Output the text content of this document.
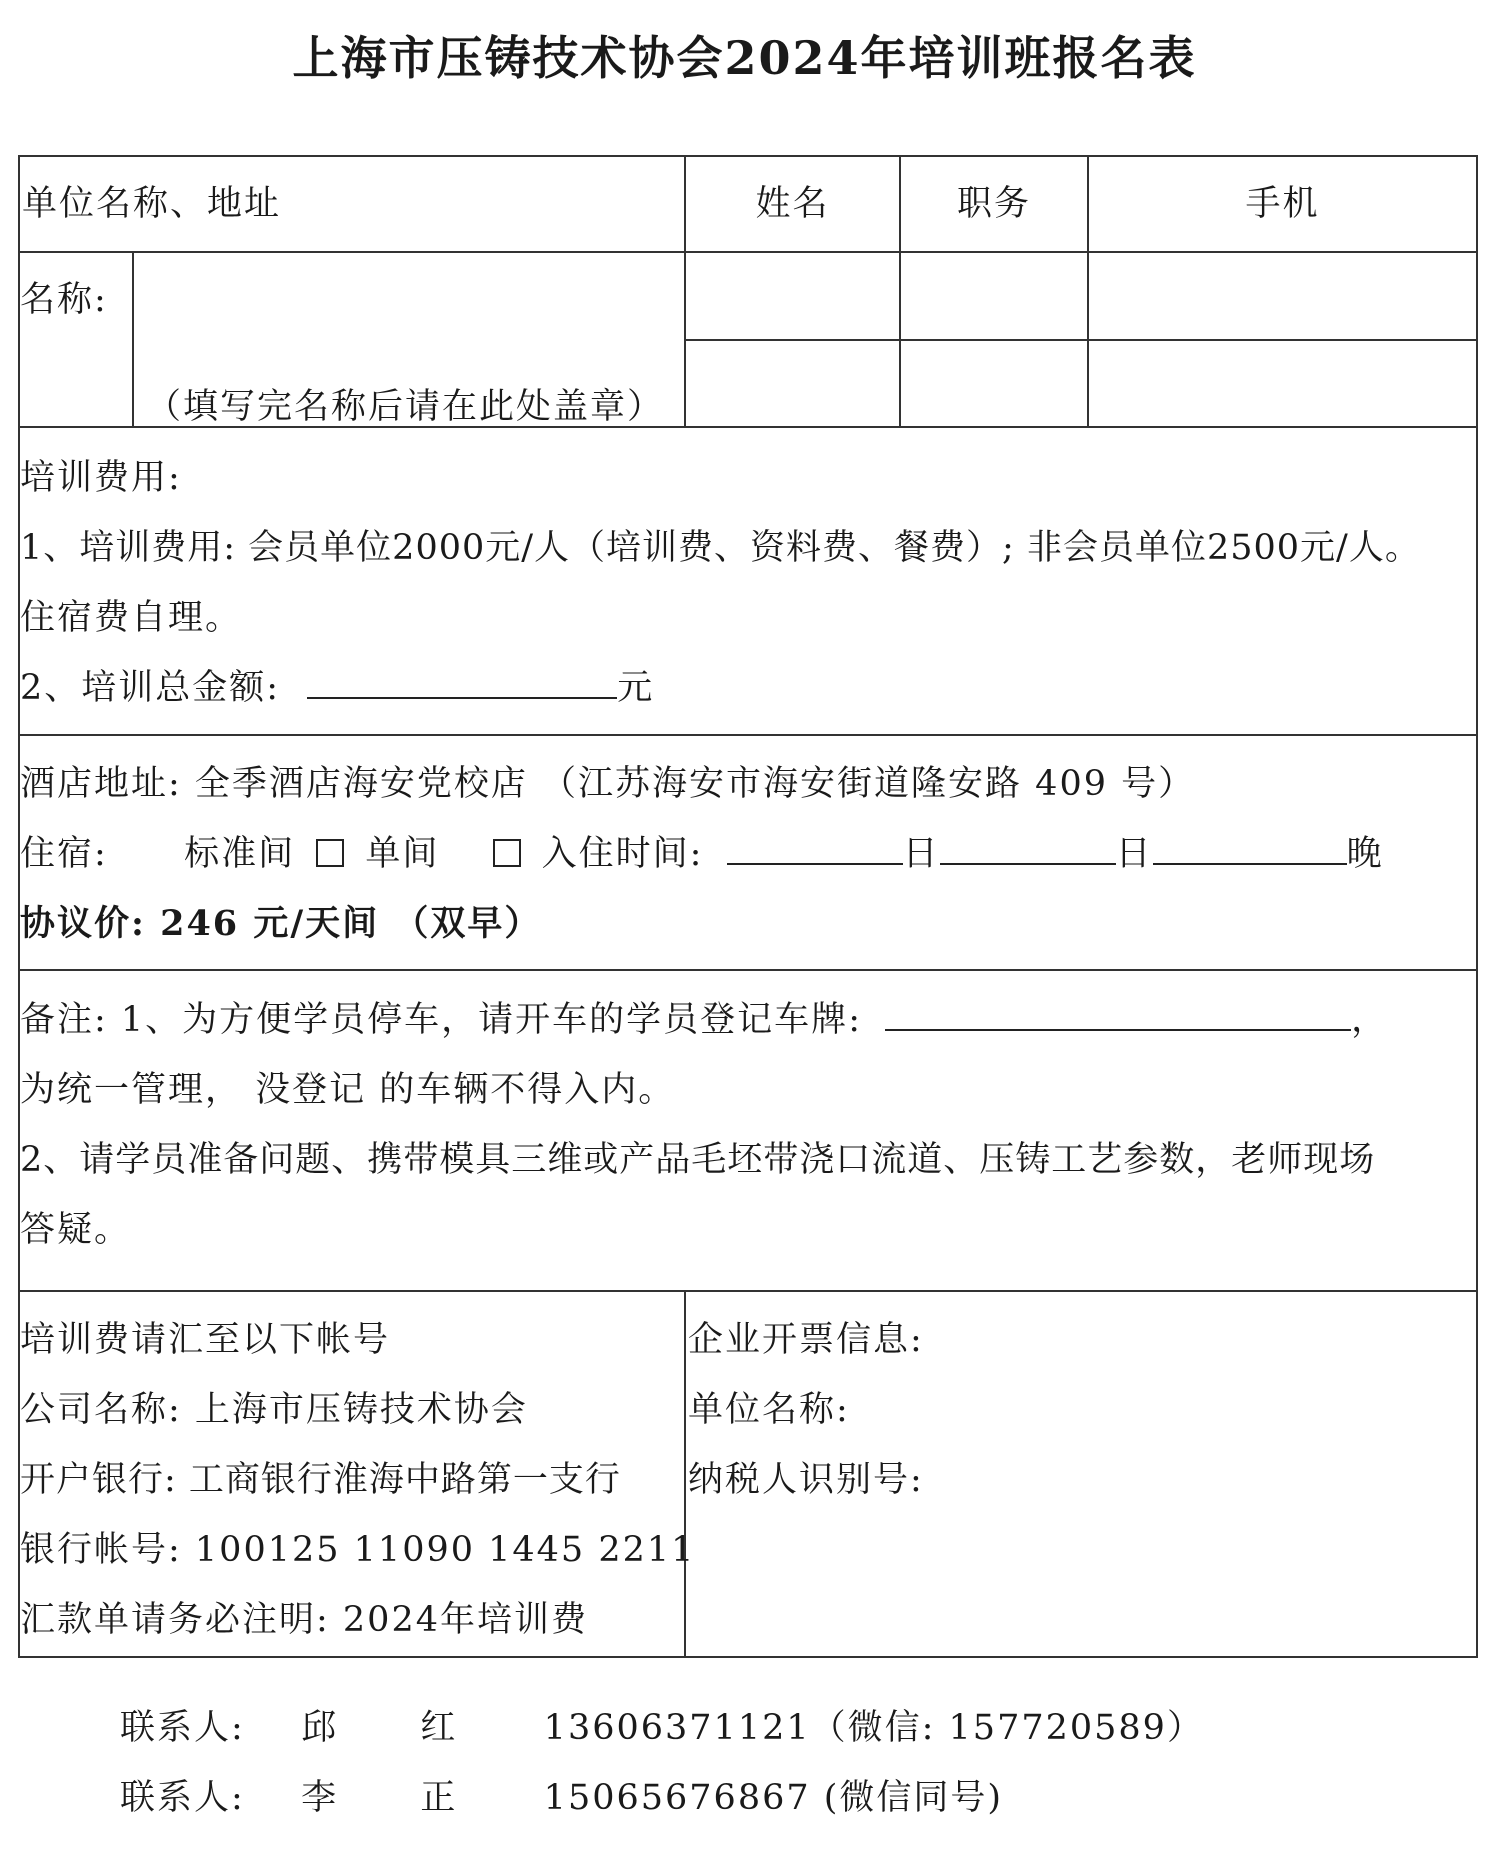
上海市压铸技术协会2024年培训班报名表
单位名称、地址	姓名	职务	手机
名称:
（填写完名称后请在此处盖章）
培训费用:
1、培训费用: 会员单位2000元/人（培训费、资料费、餐费）; 非会员单位2500元/人。
住宿费自理。
2、培训总金额:	元
酒店地址: 全季酒店海安党校店 （江苏海安市海安街道隆安路 409 号）
住宿: 标准间 单间	入住时间:	日	日	晚
协议价: 246 元/天间 （双早）
备注: 1、为方便学员停车，请开车的学员登记车牌:	，
为统一管理， 没登记 的车辆不得入内。
2、请学员准备问题、携带模具三维或产品毛坯带浇口流道、压铸工艺参数，老师现场
答疑。
培训费请汇至以下帐号
公司名称: 上海市压铸技术协会
开户银行: 工商银行淮海中路第一支行
银行帐号: 100125 11090 1445 2211
汇款单请务必注明: 2024年培训费
企业开票信息:
单位名称:
纳税人识别号:
联系人: 邱 红 13606371121（微信: 157720589）
联系人: 李 正 15065676867 (微信同号)
